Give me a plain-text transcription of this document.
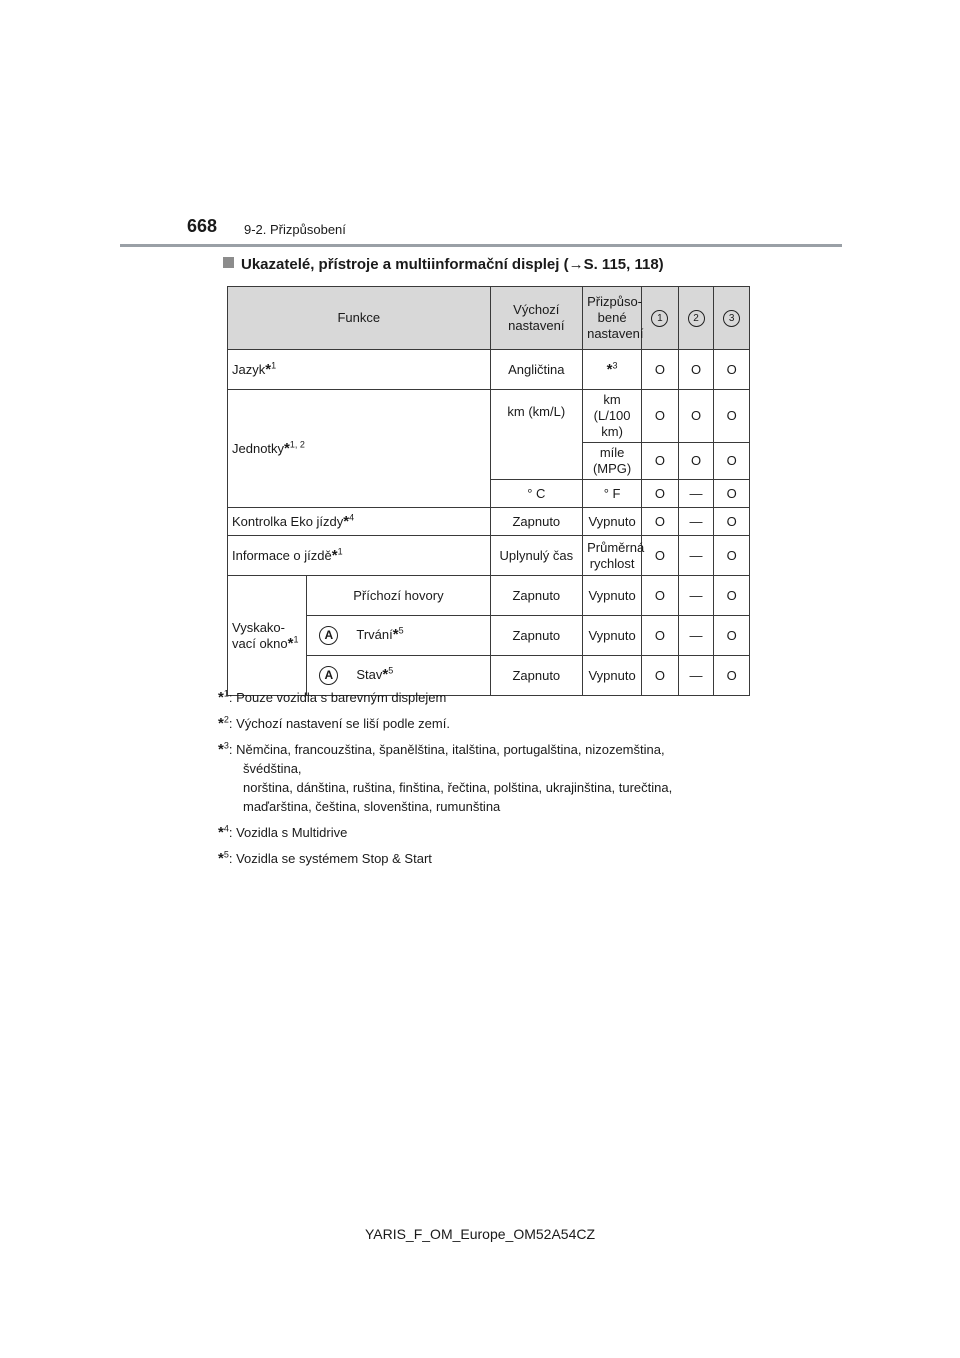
668 9-2. Přizpůsobení
Ukazatelé, přístroje a multiinformační displej (→S. 115, 118)
Funkce		Výchozí nastavení	Přizpůso-bené nastavení	1	2	3
Jazyk*$^1$		Angličtina	*$^3$	O	O	O
Jednotky*$^{1, 2}$		km (km/L)	km (L/100 km)	O	O	O
			míle (MPG)	O	O	O
		° C	° F	O	—	O
Kontrolka Eko jízdy*$^4$		Zapnuto	Vypnuto	O	—	O
Informace o jízdě*$^1$		Uplynulý čas	Průměrná rychlost	O	—	O
Vyskako-vací okno*$^1$	Příchozí hovory	Zapnuto	Vypnuto	O	—	O
	A Trvání*$^5$	Zapnuto	Vypnuto	O	—	O
	A Stav*$^5$	Zapnuto	Vypnuto	O	—	O
*$^1$: Pouze vozidla s barevným displejem
*$^2$: Výchozí nastavení se liší podle zemí.
*$^3$: Němčina, francouzština, španělština, italština, portugalština, nizozemština,
švédština,
norština, dánština, ruština, finština, řečtina, polština, ukrajinština, turečtina,
maďarština, čeština, slovenština, rumunština
*$^4$: Vozidla s Multidrive
*$^5$: Vozidla se systémem Stop & Start
YARIS_F_OM_Europe_OM52A54CZ
